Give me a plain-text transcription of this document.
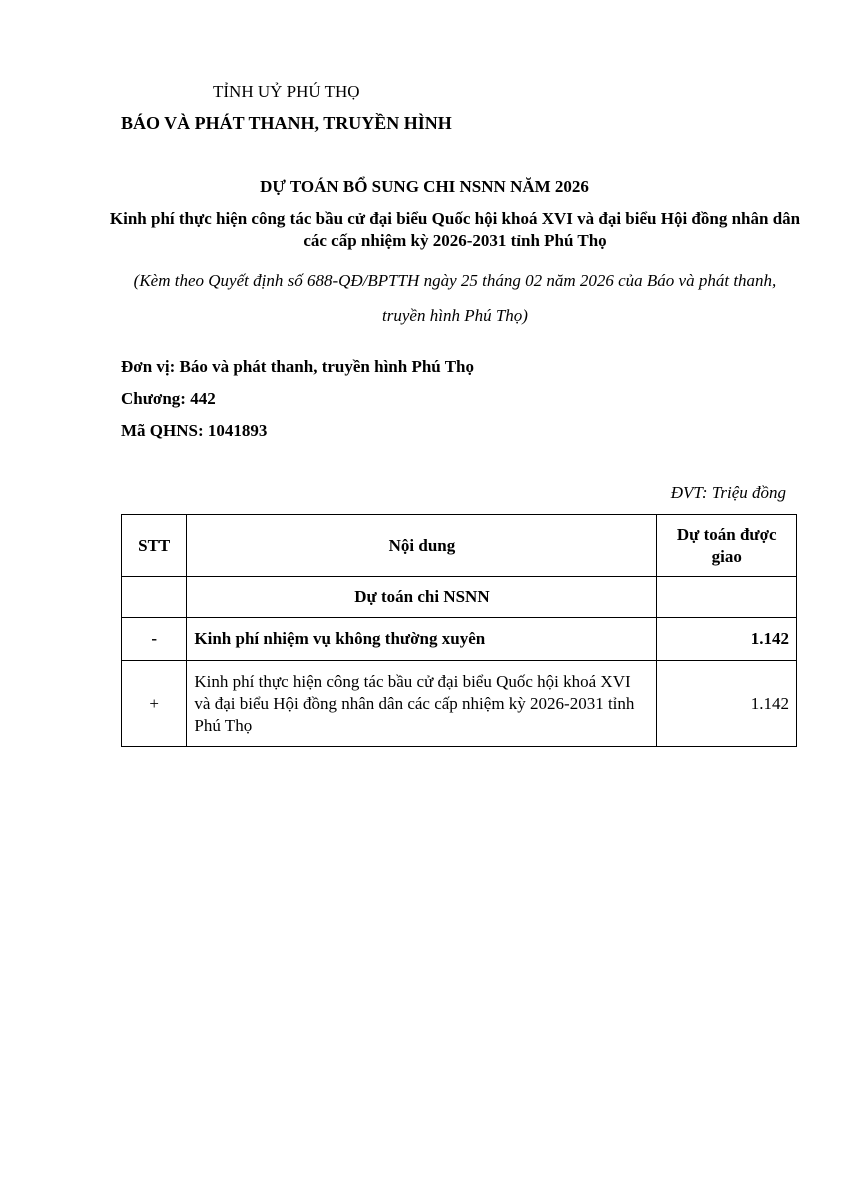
TỈNH UỶ PHÚ THỌ
BÁO VÀ PHÁT THANH, TRUYỀN HÌNH
DỰ TOÁN BỔ SUNG CHI NSNN NĂM 2026
Kinh phí thực hiện công tác bầu cử đại biểu Quốc hội khoá XVI và đại biểu Hội đồng nhân dân các cấp nhiệm kỳ 2026-2031 tỉnh Phú Thọ
(Kèm theo Quyết định số 688-QĐ/BPTTH ngày 25 tháng 02 năm 2026 của Báo và phát thanh, truyền hình Phú Thọ)
Đơn vị: Báo và phát thanh, truyền hình Phú Thọ
Chương: 442
Mã QHNS: 1041893
ĐVT: Triệu đồng
STT	Nội dung	Dự toán được giao
	Dự toán chi NSNN	
-	Kinh phí nhiệm vụ không thường xuyên	1.142
+	Kinh phí thực hiện công tác bầu cử đại biểu Quốc hội khoá XVI và đại biểu Hội đồng nhân dân các cấp nhiệm kỳ 2026-2031 tỉnh Phú Thọ	1.142
